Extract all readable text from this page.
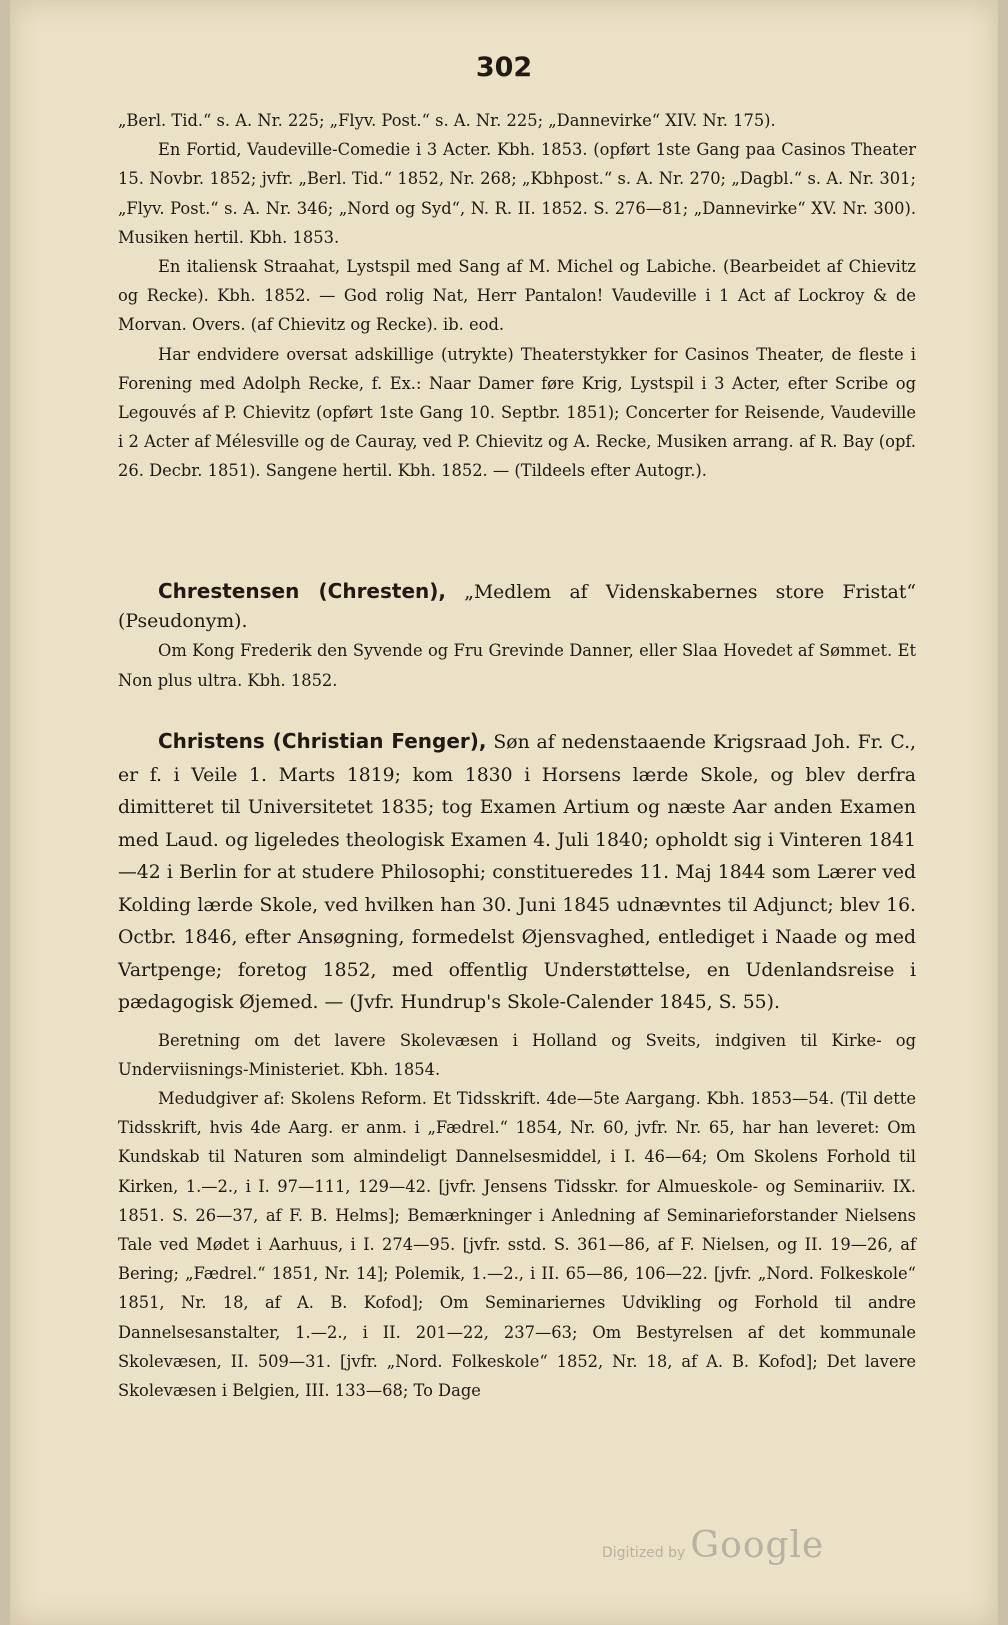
302

„Berl. Tid.“ s. A. Nr. 225; „Flyv. Post.“ s. A. Nr. 225; „Dannevirke“ XIV. Nr. 175).

En Fortid, Vaudeville-Comedie i 3 Acter. Kbh. 1853. (opført 1ste Gang paa Casinos Theater 15. Novbr. 1852; jvfr. „Berl. Tid.“ 1852, Nr. 268; „Kbhpost.“ s. A. Nr. 270; „Dagbl.“ s. A. Nr. 301; „Flyv. Post.“ s. A. Nr. 346; „Nord og Syd“, N. R. II. 1852. S. 276—81; „Dannevirke“ XV. Nr. 300). Musiken hertil. Kbh. 1853.

En italiensk Straahat, Lystspil med Sang af M. Michel og Labiche. (Bearbeidet af Chievitz og Recke). Kbh. 1852. — God rolig Nat, Herr Pantalon! Vaudeville i 1 Act af Lockroy & de Morvan. Overs. (af Chievitz og Recke). ib. eod.

Har endvidere oversat adskillige (utrykte) Theaterstykker for Casinos Theater, de fleste i Forening med Adolph Recke, f. Ex.: Naar Damer føre Krig, Lystspil i 3 Acter, efter Scribe og Legouvés af P. Chievitz (opført 1ste Gang 10. Septbr. 1851); Concerter for Reisende, Vaudeville i 2 Acter af Mélesville og de Cauray, ved P. Chievitz og A. Recke, Musiken arrang. af R. Bay (opf. 26. Decbr. 1851). Sangene hertil. Kbh. 1852. — (Tildeels efter Autogr.).

Chrestensen (Chresten), „Medlem af Videnskabernes store Fristat“ (Pseudonym).

Om Kong Frederik den Syvende og Fru Grevinde Danner, eller Slaa Hovedet af Sømmet. Et Non plus ultra. Kbh. 1852.

Christens (Christian Fenger), Søn af nedenstaaende Krigsraad Joh. Fr. C., er f. i Veile 1. Marts 1819; kom 1830 i Horsens lærde Skole, og blev derfra dimitteret til Universitetet 1835; tog Examen Artium og næste Aar anden Examen med Laud. og ligeledes theologisk Examen 4. Juli 1840; opholdt sig i Vinteren 1841—42 i Berlin for at studere Philosophi; constitueredes 11. Maj 1844 som Lærer ved Kolding lærde Skole, ved hvilken han 30. Juni 1845 udnævntes til Adjunct; blev 16. Octbr. 1846, efter Ansøgning, formedelst Øjensvaghed, entlediget i Naade og med Vartpenge; foretog 1852, med offentlig Understøttelse, en Udenlandsreise i pædagogisk Øjemed. — (Jvfr. Hundrup's Skole-Calender 1845, S. 55).

Beretning om det lavere Skolevæsen i Holland og Sveits, indgiven til Kirke- og Underviisnings-Ministeriet. Kbh. 1854.

Medudgiver af: Skolens Reform. Et Tidsskrift. 4de—5te Aargang. Kbh. 1853—54. (Til dette Tidsskrift, hvis 4de Aarg. er anm. i „Fædrel.“ 1854, Nr. 60, jvfr. Nr. 65, har han leveret: Om Kundskab til Naturen som almindeligt Dannelsesmiddel, i I. 46—64; Om Skolens Forhold til Kirken, 1.—2., i I. 97—111, 129—42. [jvfr. Jensens Tidsskr. for Almueskole- og Seminariiv. IX. 1851. S. 26—37, af F. B. Helms]; Bemærkninger i Anledning af Seminarieforstander Nielsens Tale ved Mødet i Aarhuus, i I. 274—95. [jvfr. sstd. S. 361—86, af F. Nielsen, og II. 19—26, af Bering; „Fædrel.“ 1851, Nr. 14]; Polemik, 1.—2., i II. 65—86, 106—22. [jvfr. „Nord. Folkeskole“ 1851, Nr. 18, af A. B. Kofod]; Om Seminariernes Udvikling og Forhold til andre Dannelsesanstalter, 1.—2., i II. 201—22, 237—63; Om Bestyrelsen af det kommunale Skolevæsen, II. 509—31. [jvfr. „Nord. Folkeskole“ 1852, Nr. 18, af A. B. Kofod]; Det lavere Skolevæsen i Belgien, III. 133—68; To Dage

Digitized by Google
